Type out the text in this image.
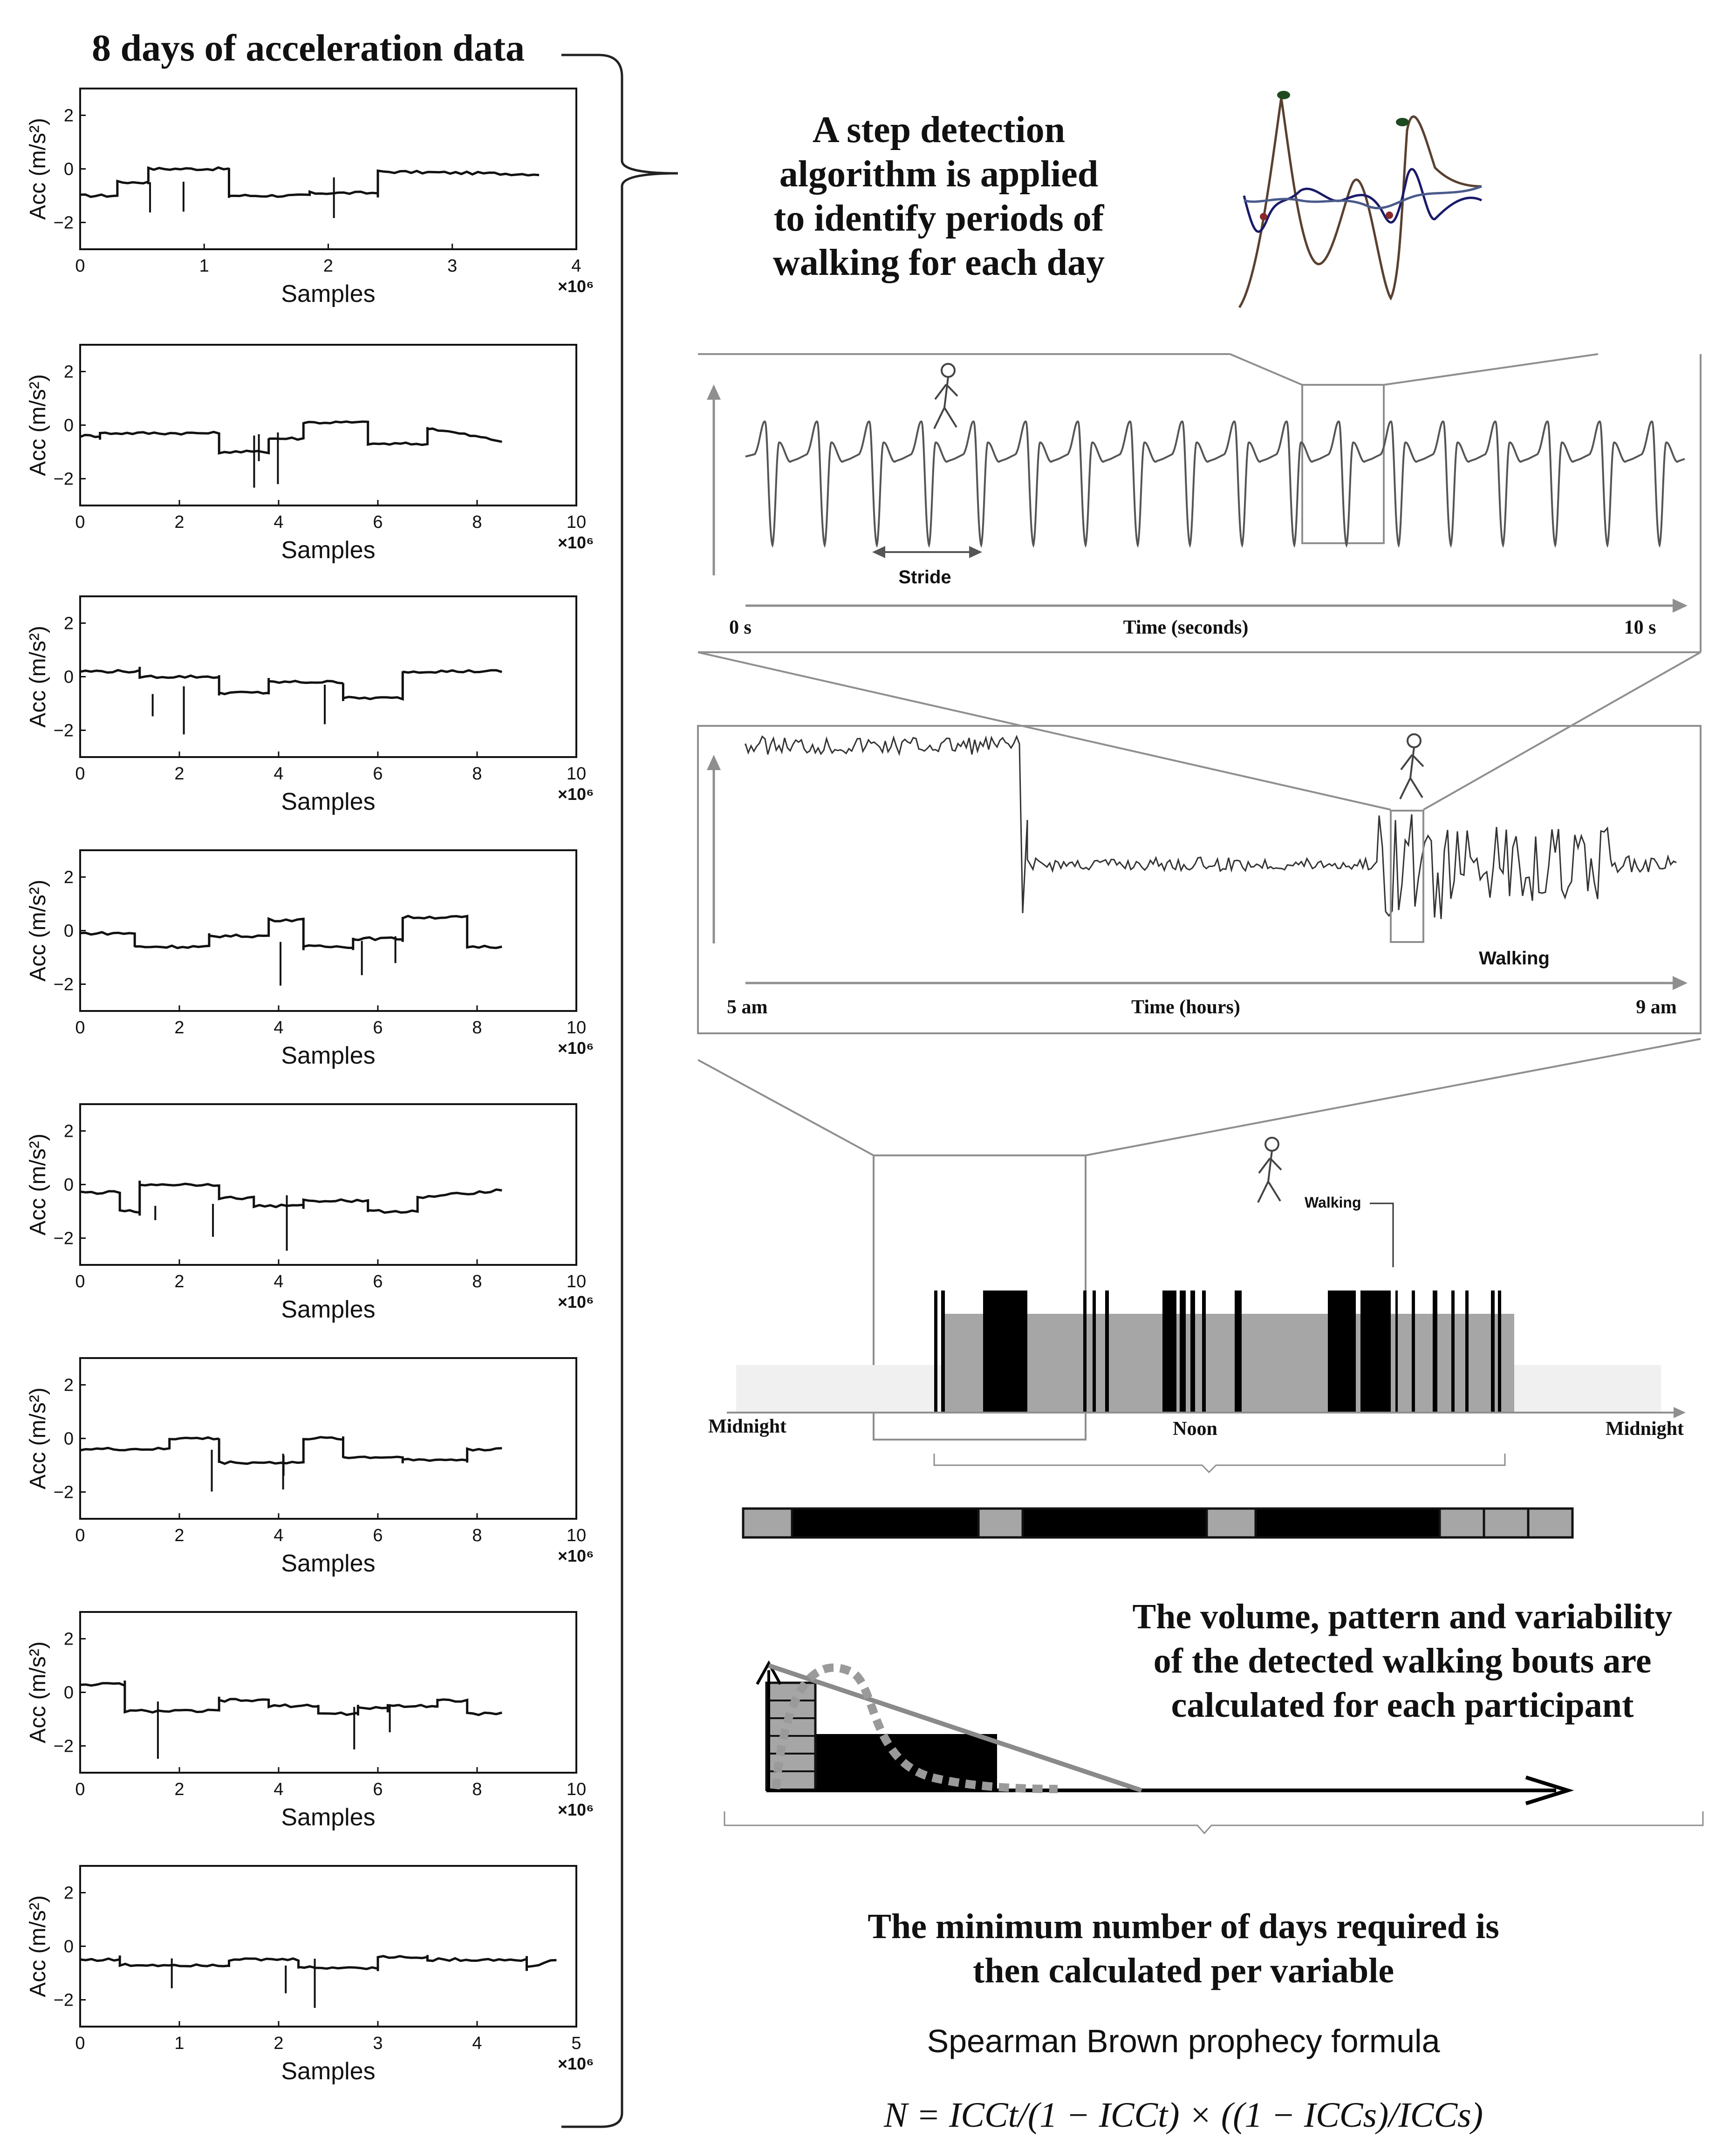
8 days of acceleration data
−2
0
2
0	1	2	3	4
Acc (m/s²)
Samples	×10⁶
−2
0
2
0	2	4	6	8	10
Acc (m/s²)
Samples	×10⁶
−2
0
2
0	2	4	6	8	10
Acc (m/s²)
Samples	×10⁶
−2
0
2
0	2	4	6	8	10
Acc (m/s²)
Samples	×10⁶
−2
0
2
0	2	4	6	8	10
Acc (m/s²)
Samples	×10⁶
−2
0
2
0	2	4	6	8	10
Acc (m/s²)
Samples	×10⁶
−2
0
2
0	2	4	6	8	10
Acc (m/s²)
Samples	×10⁶
−2
0
2
0	1	2	3	4	5
Acc (m/s²)
Samples	×10⁶
A step detection
algorithm is applied
to identify periods of
walking for each day
Stride
0 s	Time (seconds)	10 s
Walking
5 am	Time (hours)	9 am
Walking
Midnight	Noon	Midnight
The volume, pattern and variability
of the detected walking bouts are
calculated for each participant
The minimum number of days required is
then calculated per variable
Spearman Brown prophecy formula
N = ICCt/(1 − ICCt) × ((1 − ICCs)/ICCs)
